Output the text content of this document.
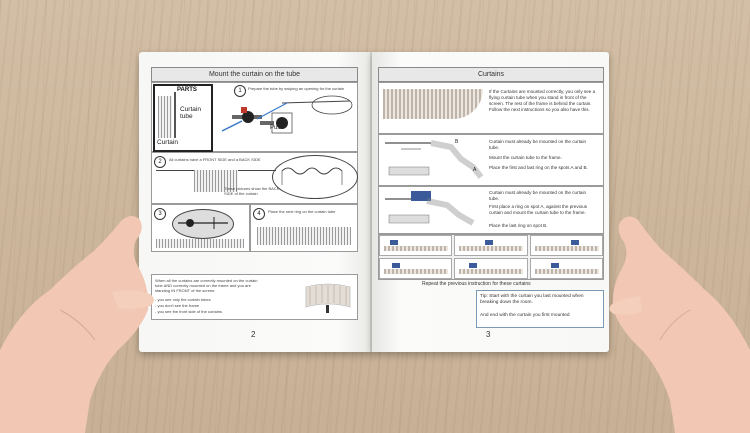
Mount the curtain on the tube
PARTS
Curtain tube
Curtain
1	Prepare the tube by swiping an opening for the curtain
Push
2	All curtains have a FRONT SIDE and a BACK SIDE
These pictures show the BACK SIDE of the curtain
3	4	Place the next ring on the curtain tube
When all the curtains are correctly mounted on the curtain tube AND correctly mounted on the frame and you are standing IN FRONT of the screen:
- you see only the curtain tubes
- you don't see the frame
- you see the front side of the curtains
2
Curtains
If the Curtains are mounted correctly, you only see a flying curtain tube when you stand in front of the screen. The rest of the frame is behind the curtain. Follow the next instructions so you also have this.
B
A
Curtain must already be mounted on the curtain tube.
Mount the curtain tube to the frame.
Place the first and last ring on the spots A and B.
Curtain must already be mounted on the curtain tube.
First place a ring on spot A, against the previous curtain and mount the curtain tube to the frame.
Place the last ring on spot B.
Repeat the previous instruction for these curtains
Tip: Start with the curtain you last mounted when breaking down the room.
And end with the curtain you first mounted
3
